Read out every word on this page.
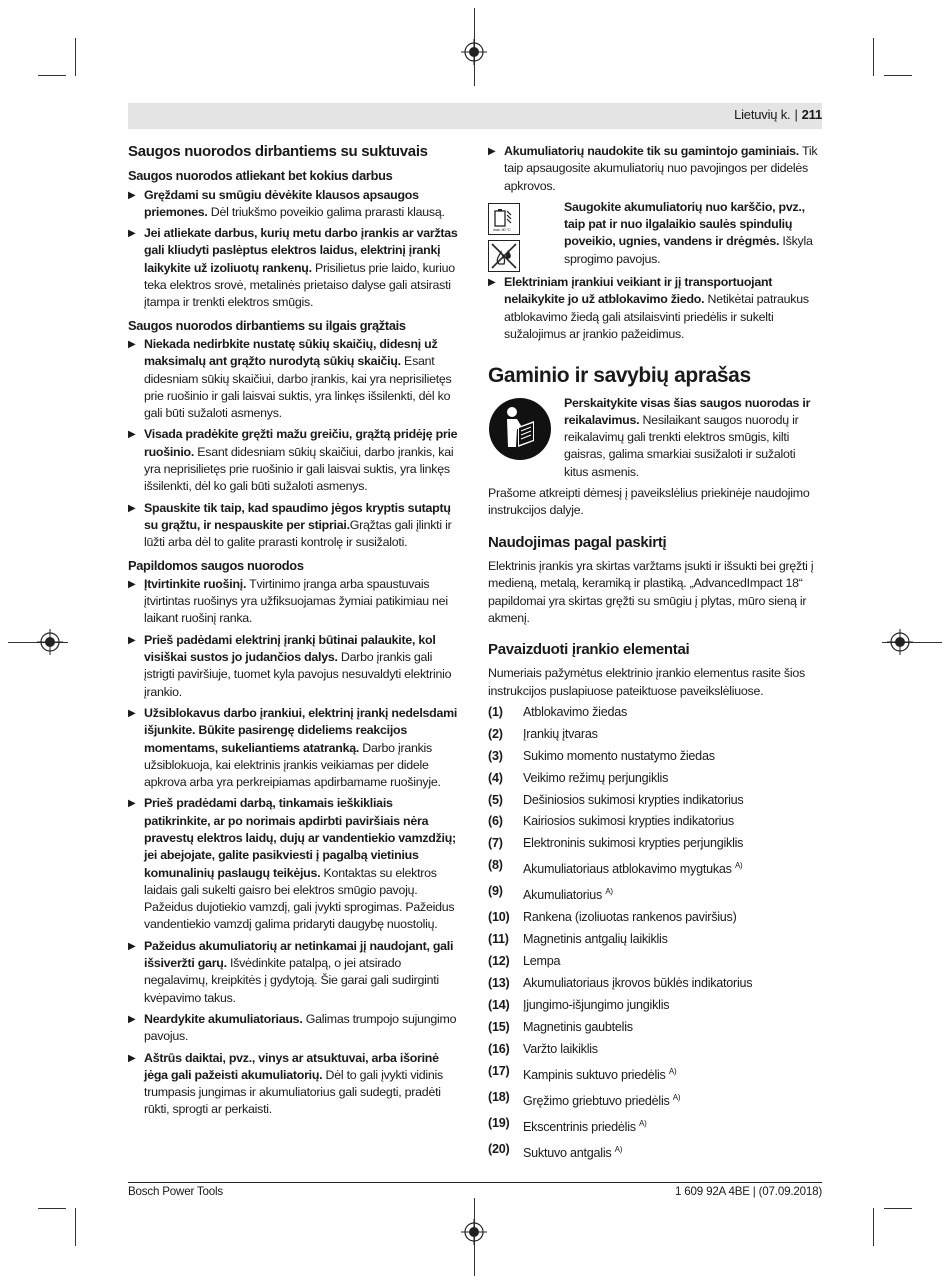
Lietuvių k. | 211
Saugos nuorodos dirbantiems su suktuvais
Saugos nuorodos atliekant bet kokius darbus
▶ Gręždami su smūgiu dėvėkite klausos apsaugos priemones. Dėl triukšmo poveikio galima prarasti klausą.
▶ Jei atliekate darbus, kurių metu darbo įrankis ar varžtas gali kliudyti paslėptus elektros laidus, elektrinį įrankį laikykite už izoliuotų rankenų. Prisilietus prie laido, kuriuo teka elektros srovė, metalinės prietaiso dalyse gali atsirasti įtampa ir trenkti elektros smūgis.
Saugos nuorodos dirbantiems su ilgais grąžtais
▶ Niekada nedirbkite nustatę sūkių skaičių, didesnį už maksimalų ant grąžto nurodytą sūkių skaičių. Esant didesniam sūkių skaičiui, darbo įrankis, kai yra neprisilietęs prie ruošinio ir gali laisvai suktis, yra linkęs išsilenkti, dėl ko gali būti sužaloti asmenys.
▶ Visada pradėkite gręžti mažu greičiu, grąžtą pridėję prie ruošinio. Esant didesniam sūkių skaičiui, darbo įrankis, kai yra neprisilietęs prie ruošinio ir gali laisvai suktis, yra linkęs išsilenkti, dėl ko gali būti sužaloti asmenys.
▶ Spauskite tik taip, kad spaudimo jėgos kryptis sutaptų su grąžtu, ir nespauskite per stipriai.Grąžtas gali įlinkti ir lūžti arba dėl to galite prarasti kontrolę ir susižaloti.
Papildomos saugos nuorodos
▶ Įtvirtinkite ruošinį. Tvirtinimo įranga arba spaustuvais įtvirtintas ruošinys yra užfiksuojamas žymiai patikimiau nei laikant ruošinį ranka.
▶ Prieš padėdami elektrinį įrankį būtinai palaukite, kol visiškai sustos jo judančios dalys. Darbo įrankis gali įstrigti paviršiuje, tuomet kyla pavojus nesuvaldyti elektrinio įrankio.
▶ Užsiblokavus darbo įrankiui, elektrinį įrankį nedelsdami išjunkite. Būkite pasirengę dideliems reakcijos momentams, sukeliantiems atatranką. Darbo įrankis užsiblokuoja, kai elektrinis įrankis veikiamas per didele apkrova arba yra perkreipiamas apdirbamame ruošinyje.
▶ Prieš pradėdami darbą, tinkamais ieškikliais patikrinkite, ar po norimais apdirbti paviršiais nėra pravestų elektros laidų, dujų ar vandentiekio vamzdžių; jei abejojate, galite pasikviesti į pagalbą vietinius komunalinių paslaugų teikėjus. Kontaktas su elektros laidais gali sukelti gaisro bei elektros smūgio pavojų. Pažeidus dujotiekio vamzdį, gali įvykti sprogimas. Pažeidus vandentiekio vamzdį galima pridaryti daugybę nuostolių.
▶ Pažeidus akumuliatorių ar netinkamai jį naudojant, gali išsiveržti garų. Išvėdinkite patalpą, o jei atsirado negalavimų, kreipkitės į gydytoją. Šie garai gali sudirginti kvėpavimo takus.
▶ Neardykite akumuliatoriaus. Galimas trumpojo sujungimo pavojus.
▶ Aštrūs daiktai, pvz., vinys ar atsuktuvai, arba išorinė jėga gali pažeisti akumuliatorių. Dėl to gali įvykti vidinis trumpasis jungimas ir akumuliatorius gali sudegti, pradėti rūkti, sprogti ar perkaisti.
▶ Akumuliatorių naudokite tik su gamintojo gaminiais. Tik taip apsaugosite akumuliatorių nuo pavojingos per didelės apkrovos.
max. 50 °C
Saugokite akumuliatorių nuo karščio, pvz., taip pat ir nuo ilgalaikio saulės spindulių poveikio, ugnies, vandens ir drėgmės. Iškyla sprogimo pavojus.
▶ Elektriniam įrankiui veikiant ir jį transportuojant nelaikykite jo už atblokavimo žiedo. Netikėtai patraukus atblokavimo žiedą gali atsilaisvinti priedėlis ir sukelti sužalojimus ar įrankio pažeidimus.
Gaminio ir savybių aprašas
Perskaitykite visas šias saugos nuorodas ir reikalavimus. Nesilaikant saugos nuorodų ir reikalavimų gali trenkti elektros smūgis, kilti gaisras, galima smarkiai susižaloti ir sužaloti kitus asmenis.

Prašome atkreipti dėmesį į paveikslėlius priekinėje naudojimo instrukcijos dalyje.

Naudojimas pagal paskirtį

Elektrinis įrankis yra skirtas varžtams įsukti ir išsukti bei gręžti į medieną, metalą, keramiką ir plastiką. „AdvancedImpact 18“ papildomai yra skirtas gręžti su smūgiu į plytas, mūro sieną ir akmenį.

Pavaizduoti įrankio elementai

Numeriais pažymėtus elektrinio įrankio elementus rasite šios instrukcijos puslapiuose pateiktuose paveikslėliuose.

(1)	Atblokavimo žiedas
(2)	Įrankių įtvaras
(3)	Sukimo momento nustatymo žiedas
(4)	Veikimo režimų perjungiklis
(5)	Dešiniosios sukimosi krypties indikatorius
(6)	Kairiosios sukimosi krypties indikatorius
(7)	Elektroninis sukimosi krypties perjungiklis
(8)	Akumuliatoriaus atblokavimo mygtukas $^{A)}$
(9)	Akumuliatorius $^{A)}$
(10)	Rankena (izoliuotas rankenos paviršius)
(11)	Magnetinis antgalių laikiklis
(12)	Lempa
(13)	Akumuliatoriaus įkrovos būklės indikatorius
(14)	Įjungimo-išjungimo jungiklis
(15)	Magnetinis gaubtelis
(16)	Varžto laikiklis
(17)	Kampinis suktuvo priedėlis $^{A)}$
(18)	Gręžimo griebtuvo priedėlis $^{A)}$
(19)	Ekscentrinis priedėlis $^{A)}$
(20)	Suktuvo antgalis $^{A)}$
Bosch Power Tools	1 609 92A 4BE | (07.09.2018)
